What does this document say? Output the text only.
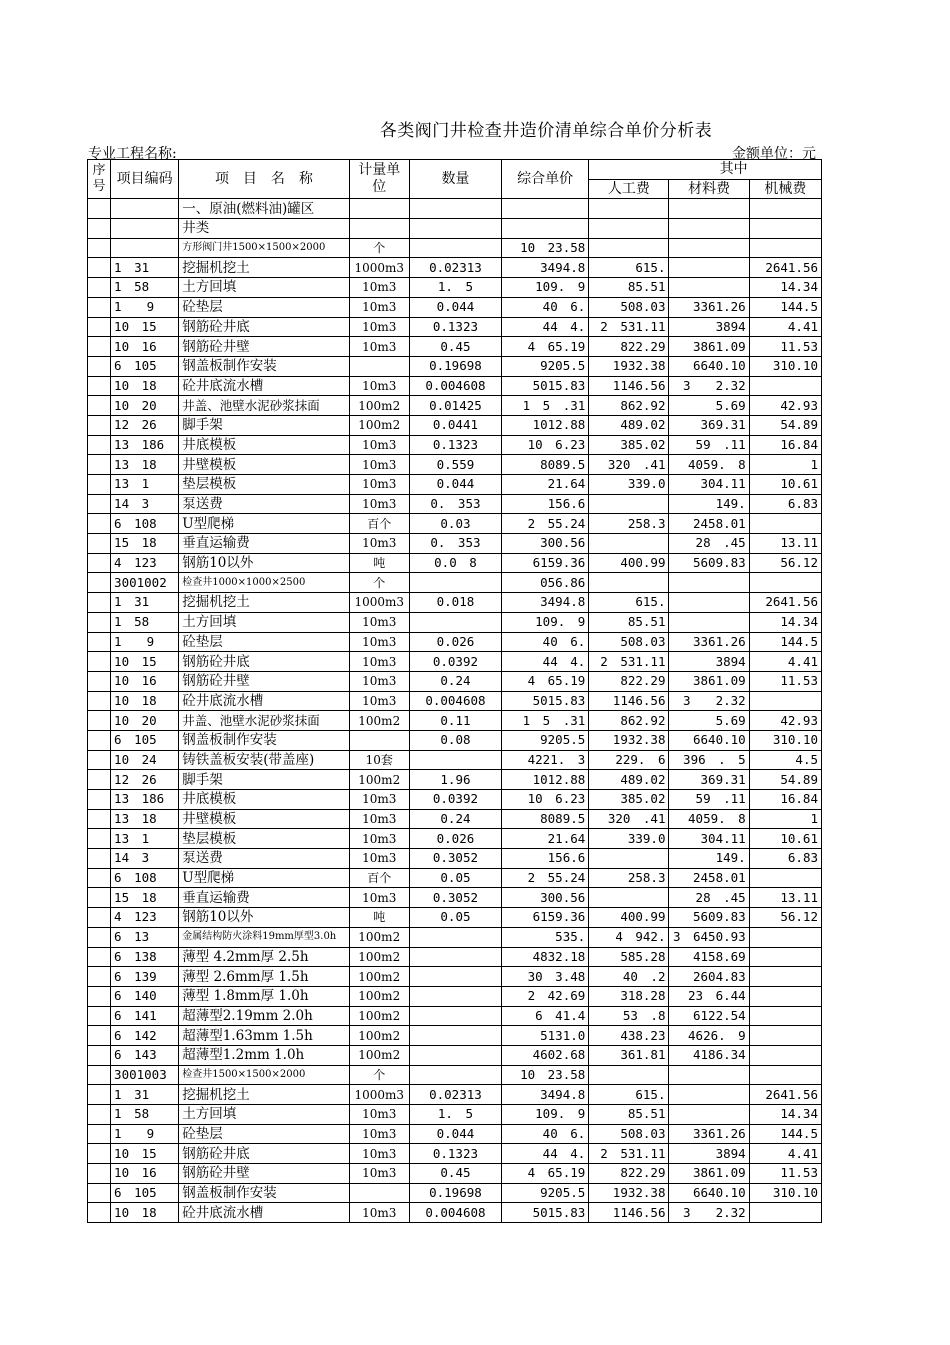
各类阀门井检查井造价清单综合单价分析表
专业工程名称:	金额单位：元
序号	项目编码	项　目　名　称	计量单位	数量	综合单价	其中		
						人工费	材料费	机械费
		一、原油(燃料油)罐区						
		井类						
		方形阀门井1500×1500×2000	个		10　23.58			
	1　31	挖掘机挖土	1000m3	0.02313	3494.8	615.		2641.56
	1　58	土方回填	10m3	1.　5	109.　9	85.51		14.34
	1　　9	砼垫层	10m3	0.044	40　6.	508.03	3361.26	144.5
	10　15	钢筋砼井底	10m3	0.1323	44　4.	2　531.11	3894	4.41
	10　16	钢筋砼井壁	10m3	0.45	4　65.19	822.29	3861.09	11.53
	6　105	钢盖板制作安装		0.19698	9205.5	1932.38	6640.10	310.10
	10　18	砼井底流水槽	10m3	0.004608	5015.83	1146.56	3　　2.32	
	10　20	井盖、池壁水泥砂浆抹面	100m2	0.01425	1　5　.31	862.92	5.69	42.93
	12　26	脚手架	100m2	0.0441	1012.88	489.02	369.31	54.89
	13　186	井底模板	10m3	0.1323	10　6.23	385.02	59　.11	16.84
	13　18	井壁模板	10m3	0.559	8089.5	320　.41	4059.　8	1
	13　1	垫层模板	10m3	0.044	21.64	339.0	304.11	10.61
	14　3	泵送费	10m3	0.　353	156.6		149.	6.83
	6　108	U型爬梯	百个	0.03	2　55.24	258.3	2458.01	
	15　18	垂直运输费	10m3	0.　353	300.56		28　.45	13.11
	4　123	钢筋10以外	吨	0.0　8	6159.36	400.99	5609.83	56.12
	3001002	检查井1000×1000×2500	个		056.86			
	1　31	挖掘机挖土	1000m3	0.018	3494.8	615.		2641.56
	1　58	土方回填	10m3		109.　9	85.51		14.34
	1　　9	砼垫层	10m3	0.026	40　6.	508.03	3361.26	144.5
	10　15	钢筋砼井底	10m3	0.0392	44　4.	2　531.11	3894	4.41
	10　16	钢筋砼井壁	10m3	0.24	4　65.19	822.29	3861.09	11.53
	10　18	砼井底流水槽	10m3	0.004608	5015.83	1146.56	3　　2.32	
	10　20	井盖、池壁水泥砂浆抹面	100m2	0.11	1　5　.31	862.92	5.69	42.93
	6　105	钢盖板制作安装		0.08	9205.5	1932.38	6640.10	310.10
	10　24	铸铁盖板安装(带盖座)	10套		4221.　3	229.　6	396　.　5	4.5
	12　26	脚手架	100m2	1.96	1012.88	489.02	369.31	54.89
	13　186	井底模板	10m3	0.0392	10　6.23	385.02	59　.11	16.84
	13　18	井壁模板	10m3	0.24	8089.5	320　.41	4059.　8	1
	13　1	垫层模板	10m3	0.026	21.64	339.0	304.11	10.61
	14　3	泵送费	10m3	0.3052	156.6		149.	6.83
	6　108	U型爬梯	百个	0.05	2　55.24	258.3	2458.01	
	15　18	垂直运输费	10m3	0.3052	300.56		28　.45	13.11
	4　123	钢筋10以外	吨	0.05	6159.36	400.99	5609.83	56.12
	6　13	金属结构防火涂料19mm厚型3.0h	100m2		535.	4　942.	3　6450.93	
	6　138	薄型 4.2mm厚 2.5h	100m2		4832.18	585.28	4158.69	
	6　139	薄型 2.6mm厚 1.5h	100m2		30　3.48	40　.2	2604.83	
	6　140	薄型 1.8mm厚 1.0h	100m2		2　42.69	318.28	23　6.44	
	6　141	超薄型2.19mm 2.0h	100m2		6　41.4	53　.8	6122.54	
	6　142	超薄型1.63mm 1.5h	100m2		5131.0	438.23	4626.　9	
	6　143	超薄型1.2mm 1.0h	100m2		4602.68	361.81	4186.34	
	3001003	检查井1500×1500×2000	个		10　23.58			
	1　31	挖掘机挖土	1000m3	0.02313	3494.8	615.		2641.56
	1　58	土方回填	10m3	1.　5	109.　9	85.51		14.34
	1　　9	砼垫层	10m3	0.044	40　6.	508.03	3361.26	144.5
	10　15	钢筋砼井底	10m3	0.1323	44　4.	2　531.11	3894	4.41
	10　16	钢筋砼井壁	10m3	0.45	4　65.19	822.29	3861.09	11.53
	6　105	钢盖板制作安装		0.19698	9205.5	1932.38	6640.10	310.10
	10　18	砼井底流水槽	10m3	0.004608	5015.83	1146.56	3　　2.32	
